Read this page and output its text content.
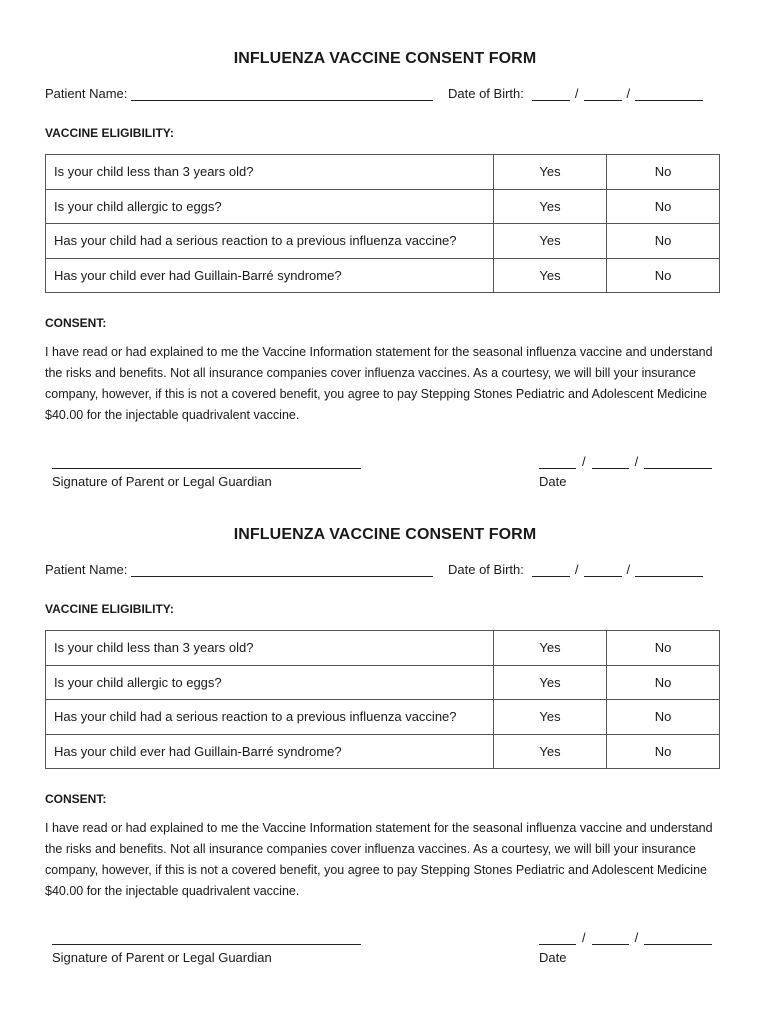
INFLUENZA VACCINE CONSENT FORM
Patient Name:	Date of Birth:	/	/
VACCINE ELIGIBILITY:
Is your child less than 3 years old?	Yes	No
Is your child allergic to eggs?	Yes	No
Has your child had a serious reaction to a previous influenza vaccine?	Yes	No
Has your child ever had Guillain-Barré syndrome?	Yes	No
CONSENT:

I have read or had explained to me the Vaccine Information statement for the seasonal influenza vaccine and understand the risks and benefits. Not all insurance companies cover influenza vaccines. As a courtesy, we will bill your insurance company, however, if this is not a covered benefit, you agree to pay Stepping Stones Pediatric and Adolescent Medicine $40.00 for the injectable quadrivalent vaccine.

Signature of Parent or Legal Guardian
/	/
Date
INFLUENZA VACCINE CONSENT FORM
Patient Name:	Date of Birth:	/	/
VACCINE ELIGIBILITY:
Is your child less than 3 years old?	Yes	No
Is your child allergic to eggs?	Yes	No
Has your child had a serious reaction to a previous influenza vaccine?	Yes	No
Has your child ever had Guillain-Barré syndrome?	Yes	No
CONSENT:

I have read or had explained to me the Vaccine Information statement for the seasonal influenza vaccine and understand the risks and benefits. Not all insurance companies cover influenza vaccines. As a courtesy, we will bill your insurance company, however, if this is not a covered benefit, you agree to pay Stepping Stones Pediatric and Adolescent Medicine $40.00 for the injectable quadrivalent vaccine.

Signature of Parent or Legal Guardian
/	/
Date
